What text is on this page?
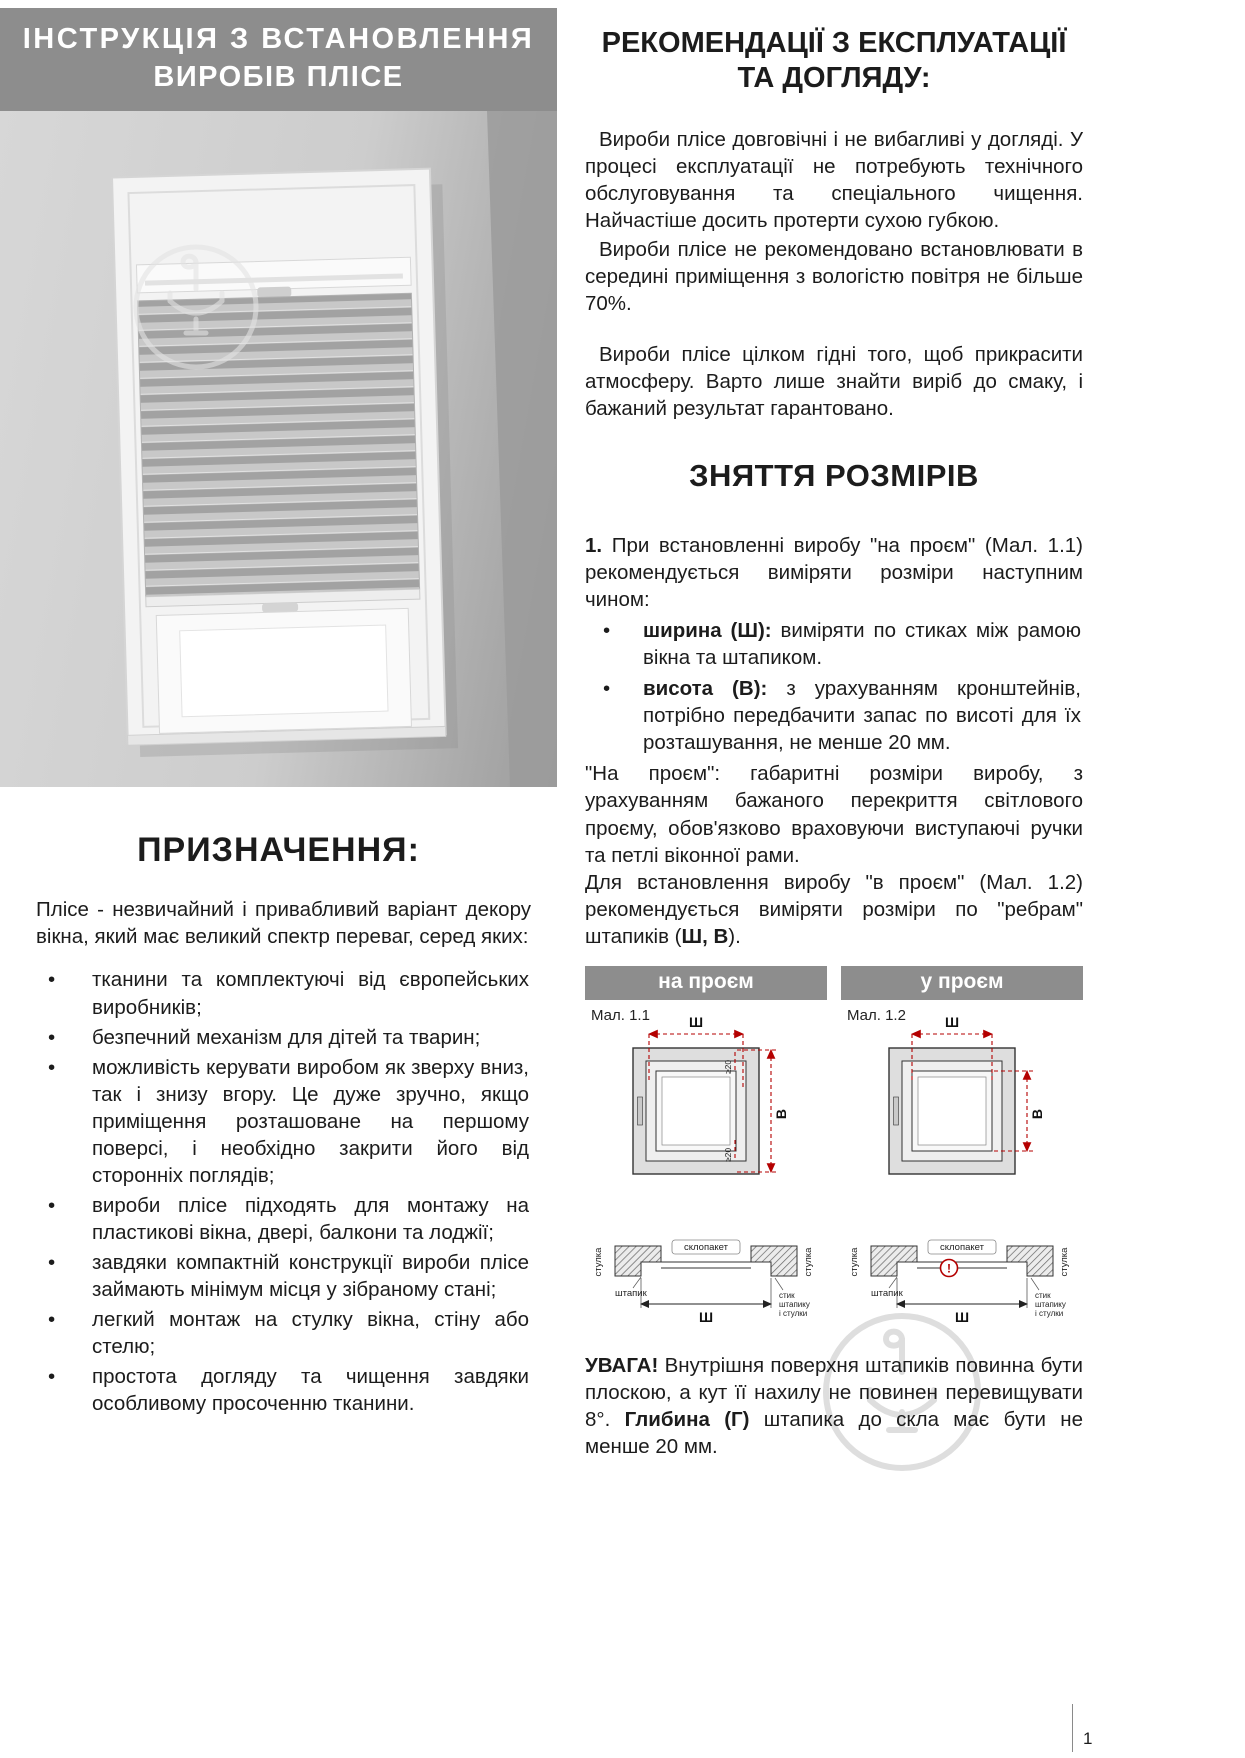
ІНСТРУКЦІЯ З ВСТАНОВЛЕННЯ
ВИРОБІВ ПЛІСЕ
ПРИЗНАЧЕННЯ:

Плісе - незвичайний і привабливий варіант декору вікна, який має великий спектр переваг, серед яких:

• тканини та комплектуючі від європейських виробників;
• безпечний механізм для дітей та тварин;
• можливість керувати виробом як зверху вниз, так і знизу вгору. Це дуже зручно, якщо приміщення розташоване на першому поверсі, і необхідно закрити його від сторонніх поглядів;
• вироби плісе підходять для монтажу на пластикові вікна, двері, балкони та лоджії;
• завдяки компактній конструкції вироби плісе займають мінімум місця у зібраному стані;
• легкий монтаж на стулку вікна, стіну або стелю;
• простота догляду та чищення завдяки особливому просоченню тканини.
РЕКОМЕНДАЦІЇ З ЕКСПЛУАТАЦІЇ
ТА ДОГЛЯДУ:

Вироби плісе довговічні і не вибагливі у догляді. У процесі експлуатації не потребують технічного обслуговування та спеціального чищення. Найчастіше досить протерти сухою губкою.

Вироби плісе не рекомендовано встановлювати в середині приміщення з вологістю повітря не більше 70%.

Вироби плісе цілком гідні того, щоб прикрасити атмосферу. Варто лише знайти виріб до смаку, і бажаний результат гарантовано.

ЗНЯТТЯ РОЗМІРІВ

1. При встановленні виробу "на проєм" (Мал. 1.1) рекомендується виміряти розміри наступним чином:

• ширина (Ш): виміряти по стиках між рамою вікна та штапиком.
• висота (В): з урахуванням кронштейнів, потрібно передбачити запас по висоті для їх розташування, не менше 20 мм.

"На проєм": габаритні розміри виробу, з урахуванням бажаного перекриття світлового проєму, обов'язково враховуючи виступаючі ручки та петлі віконної рами.

Для встановлення виробу "в проєм" (Мал. 1.2) рекомендується виміряти розміри по "ребрам" штапиків (Ш, В).

на проєм
Мал. 1.1	Ш
В
≥20
≥20
склопакет
стулка	стулка
штапик
Ш
стик
штапику
і стулки
у проєм
Мал. 1.2	Ш
В
склопакет
!
стулка	стулка
штапик
Ш
стик
штапику
і стулки

УВАГА! Внутрішня поверхня штапиків повинна бути плоскою, а кут її нахилу не повинен перевищувати 8°. Глибина (Г) штапика до скла має бути не менше 20 мм.

1
